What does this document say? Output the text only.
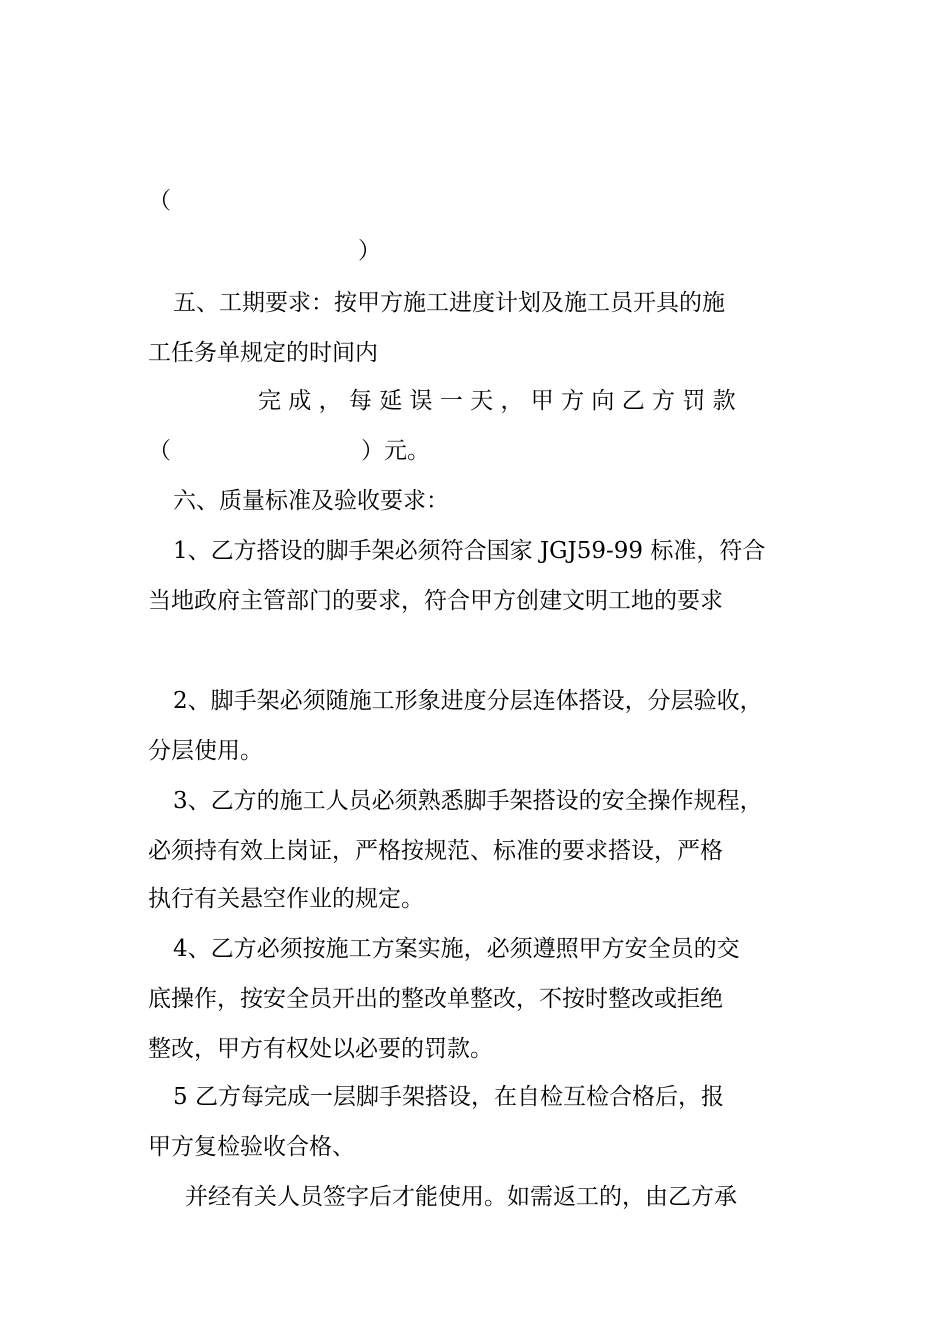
（
）
五、工期要求：按甲方施工进度计划及施工员开具的施
工任务单规定的时间内
完 成 ， 每 延 误 一 天 ， 甲 方 向 乙 方 罚 款
（	）元。
六、质量标准及验收要求：
1、乙方搭设的脚手架必须符合国家 JGJ59-99 标准，符合
当地政府主管部门的要求，符合甲方创建文明工地的要求
2、脚手架必须随施工形象进度分层连体搭设，分层验收，
分层使用。
3、乙方的施工人员必须熟悉脚手架搭设的安全操作规程，
必须持有效上岗证，严格按规范、标准的要求搭设，严格
执行有关悬空作业的规定。
4、乙方必须按施工方案实施，必须遵照甲方安全员的交
底操作，按安全员开出的整改单整改，不按时整改或拒绝
整改，甲方有权处以必要的罚款。
5 乙方每完成一层脚手架搭设，在自检互检合格后，报
甲方复检验收合格、
并经有关人员签字后才能使用。如需返工的，由乙方承
